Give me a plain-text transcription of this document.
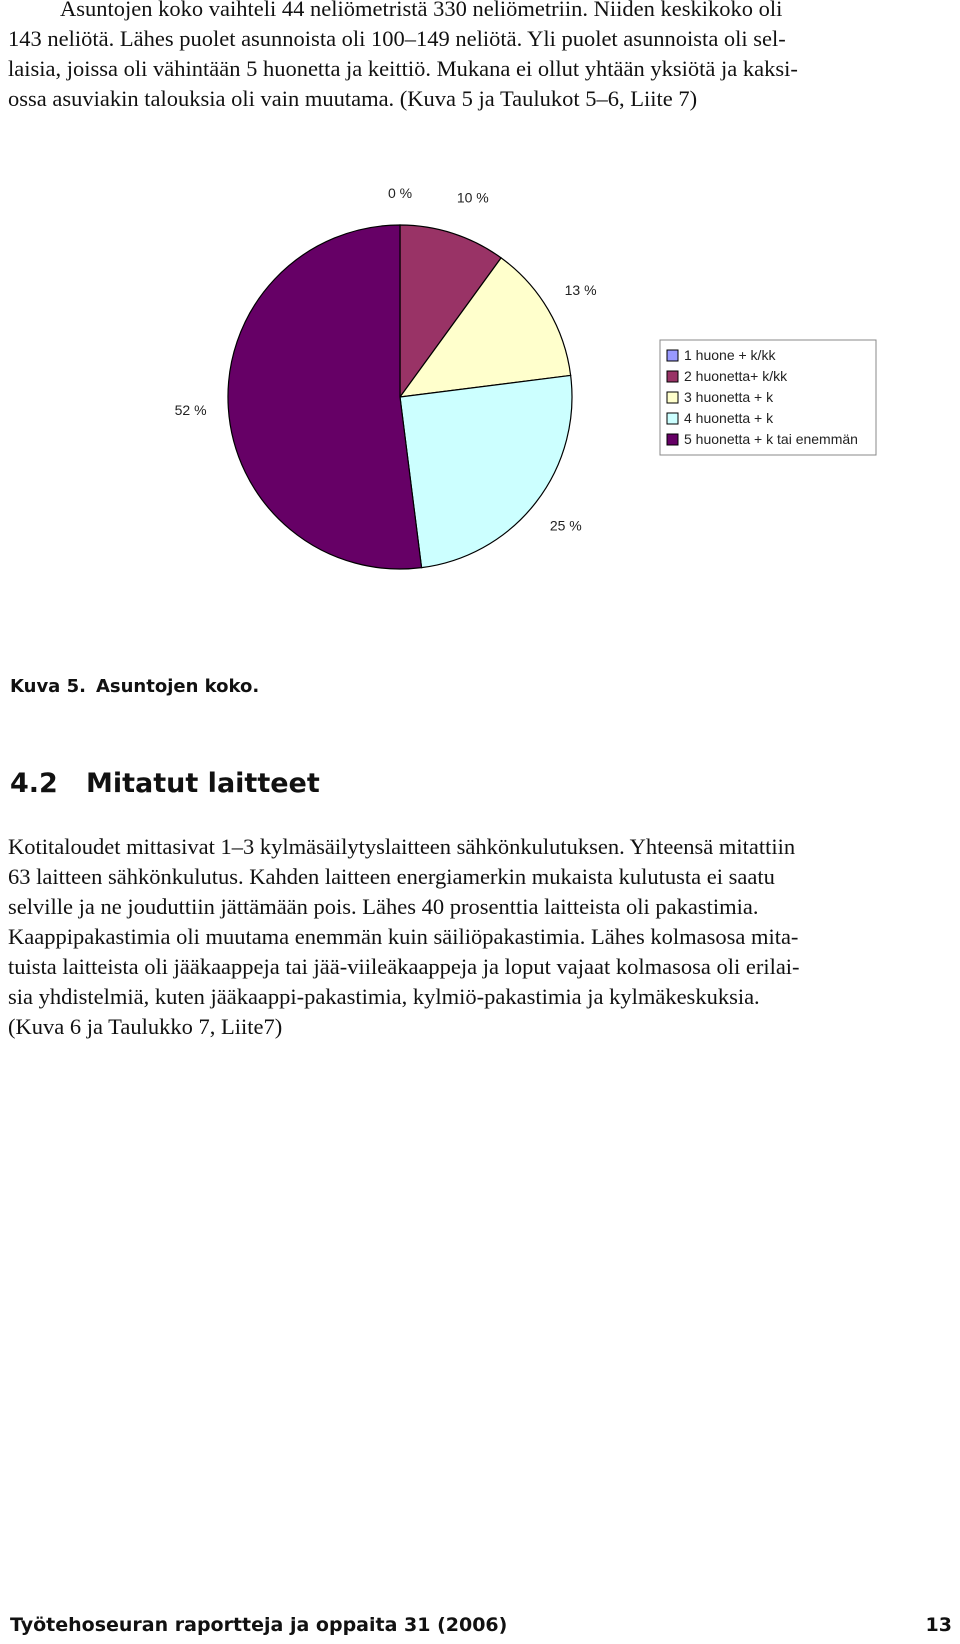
Asuntojen koko vaihteli 44 neliömetristä 330 neliömetriin. Niiden keskikoko oli
143 neliötä. Lähes puolet asunnoista oli 100–149 neliötä. Yli puolet asunnoista oli sel-
laisia, joissa oli vähintään 5 huonetta ja keittiö. Mukana ei ollut yhtään yksiötä ja kaksi-
ossa asuviakin talouksia oli vain muutama. (Kuva 5 ja Taulukot 5–6, Liite 7)

0 %	10 %
13 %
25 %
52 %
1 huone + k/kk
2 huonetta+ k/kk
3 huonetta + k
4 huonetta + k
5 huonetta + k tai enemmän

Kuva 5. Asuntojen koko.

4.2 Mitatut laitteet

Kotitaloudet mittasivat 1–3 kylmäsäilytyslaitteen sähkönkulutuksen. Yhteensä mitattiin
63 laitteen sähkönkulutus. Kahden laitteen energiamerkin mukaista kulutusta ei saatu
selville ja ne jouduttiin jättämään pois. Lähes 40 prosenttia laitteista oli pakastimia.
Kaappipakastimia oli muutama enemmän kuin säiliöpakastimia. Lähes kolmasosa mita-
tuista laitteista oli jääkaappeja tai jää-viileäkaappeja ja loput vajaat kolmasosa oli erilai-
sia yhdistelmiä, kuten jääkaappi-pakastimia, kylmiö-pakastimia ja kylmäkeskuksia.
(Kuva 6 ja Taulukko 7, Liite7)

Työtehoseuran raportteja ja oppaita 31 (2006)	13
